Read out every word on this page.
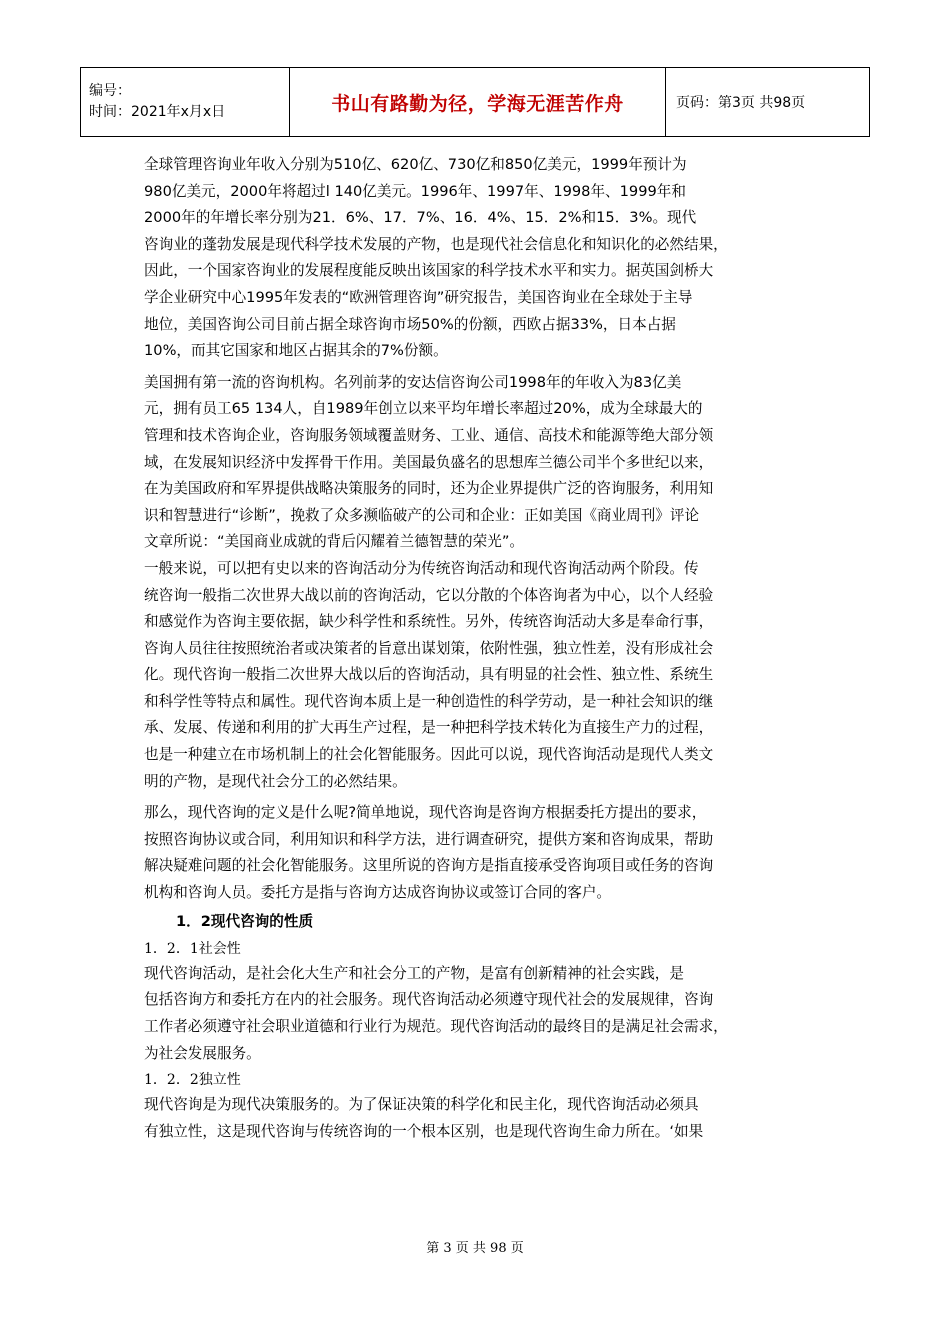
编号：
时间：2021年x月x日	书山有路勤为径，学海无涯苦作舟	页码：第3页 共98页
全球管理咨询业年收入分别为510亿、620亿、730亿和850亿美元，1999年预计为
980亿美元，2000年将超过l 140亿美元。1996年、1997年、1998年、1999年和
2000年的年增长率分别为21．6%、17．7%、16．4%、15．2%和15．3%。现代
咨询业的蓬勃发展是现代科学技术发展的产物，也是现代社会信息化和知识化的必然结果，
因此，一个国家咨询业的发展程度能反映出该国家的科学技术水平和实力。据英国剑桥大
学企业研究中心1995年发表的“欧洲管理咨询”研究报告，美国咨询业在全球处于主导
地位，美国咨询公司目前占据全球咨询市场50%的份额，西欧占据33%，日本占据
10%，而其它国家和地区占据其余的7%份额。
美国拥有第一流的咨询机构。名列前茅的安达信咨询公司1998年的年收入为83亿美
元，拥有员工65 134人，自1989年创立以来平均年增长率超过20%，成为全球最大的
管理和技术咨询企业，咨询服务领域覆盖财务、工业、通信、高技术和能源等绝大部分领
域，在发展知识经济中发挥骨干作用。美国最负盛名的思想库兰德公司半个多世纪以来，
在为美国政府和军界提供战略决策服务的同时，还为企业界提供广泛的咨询服务，利用知
识和智慧进行“诊断”，挽救了众多濒临破产的公司和企业：正如美国《商业周刊》评论
文章所说：“美国商业成就的背后闪耀着兰德智慧的荣光”。
一般来说，可以把有史以来的咨询活动分为传统咨询活动和现代咨询活动两个阶段。传
统咨询一般指二次世界大战以前的咨询活动，它以分散的个体咨询者为中心，以个人经验
和感觉作为咨询主要依据，缺少科学性和系统性。另外，传统咨询活动大多是奉命行事，
咨询人员往往按照统治者或决策者的旨意出谋划策，依附性强，独立性差，没有形成社会
化。现代咨询一般指二次世界大战以后的咨询活动，具有明显的社会性、独立性、系统生
和科学性等特点和属性。现代咨询本质上是一种创造性的科学劳动，是一种社会知识的继
承、发展、传递和利用的扩大再生产过程，是一种把科学技术转化为直接生产力的过程，
也是一种建立在市场机制上的社会化智能服务。因此可以说，现代咨询活动是现代人类文
明的产物，是现代社会分工的必然结果。
那么，现代咨询的定义是什么呢?简单地说，现代咨询是咨询方根据委托方提出的要求，
按照咨询协议或合同，利用知识和科学方法，进行调查研究，提供方案和咨询成果，帮助
解决疑难问题的社会化智能服务。这里所说的咨询方是指直接承受咨询项目或任务的咨询
机构和咨询人员。委托方是指与咨询方达成咨询协议或签订合同的客户。
1．2现代咨询的性质
1．2．1社会性
现代咨询活动，是社会化大生产和社会分工的产物，是富有创新精神的社会实践，是
包括咨询方和委托方在内的社会服务。现代咨询活动必须遵守现代社会的发展规律，咨询
工作者必须遵守社会职业道德和行业行为规范。现代咨询活动的最终目的是满足社会需求，
为社会发展服务。
1．2．2独立性
现代咨询是为现代决策服务的。为了保证决策的科学化和民主化，现代咨询活动必须具
有独立性，这是现代咨询与传统咨询的一个根本区别，也是现代咨询生命力所在。‘如果
第 3 页 共 98 页
